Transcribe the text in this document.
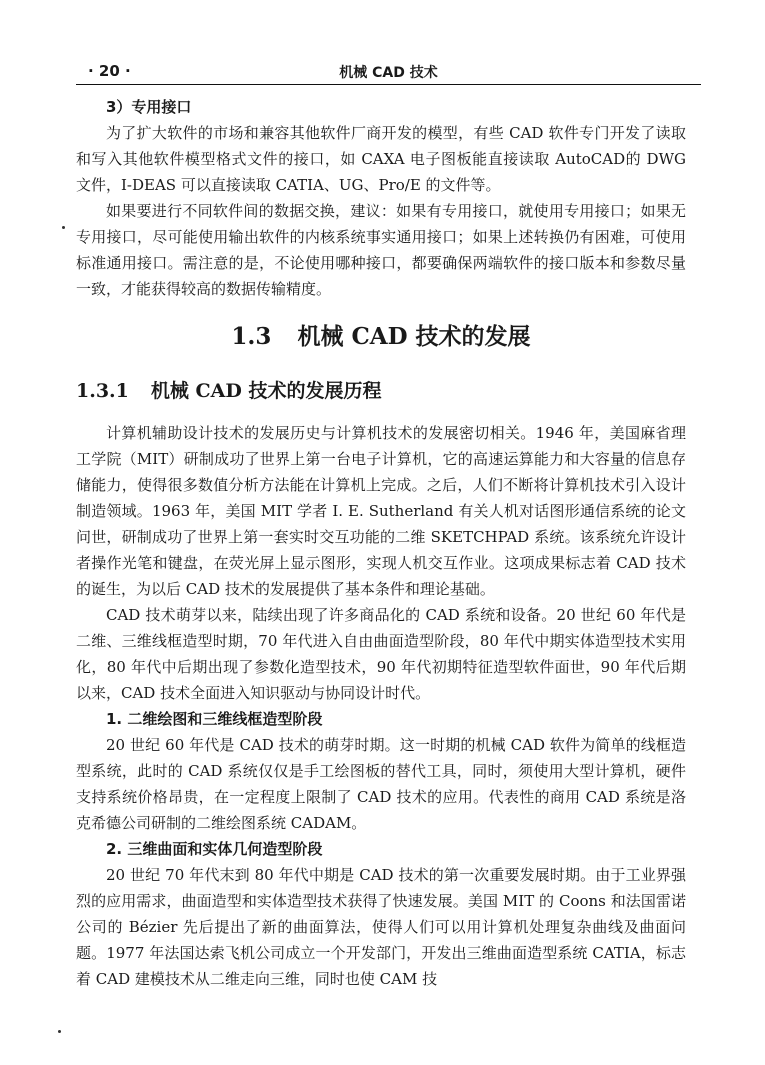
· 20 ·	机械 CAD 技术

3）专用接口

为了扩大软件的市场和兼容其他软件厂商开发的模型，有些 CAD 软件专门开发了读取和写入其他软件模型格式文件的接口，如 CAXA 电子图板能直接读取 AutoCAD的 DWG 文件，I-DEAS 可以直接读取 CATIA、UG、Pro/E 的文件等。

如果要进行不同软件间的数据交换，建议：如果有专用接口，就使用专用接口；如果无专用接口，尽可能使用输出软件的内核系统事实通用接口；如果上述转换仍有困难，可使用标准通用接口。需注意的是，不论使用哪种接口，都要确保两端软件的接口版本和参数尽量一致，才能获得较高的数据传输精度。

1.3 机械 CAD 技术的发展
1.3.1 机械 CAD 技术的发展历程

计算机辅助设计技术的发展历史与计算机技术的发展密切相关。1946 年，美国麻省理工学院（MIT）研制成功了世界上第一台电子计算机，它的高速运算能力和大容量的信息存储能力，使得很多数值分析方法能在计算机上完成。之后，人们不断将计算机技术引入设计制造领域。1963 年，美国 MIT 学者 I. E. Sutherland 有关人机对话图形通信系统的论文问世，研制成功了世界上第一套实时交互功能的二维 SKETCHPAD 系统。该系统允许设计者操作光笔和键盘，在荧光屏上显示图形，实现人机交互作业。这项成果标志着 CAD 技术的诞生，为以后 CAD 技术的发展提供了基本条件和理论基础。

CAD 技术萌芽以来，陆续出现了许多商品化的 CAD 系统和设备。20 世纪 60 年代是二维、三维线框造型时期，70 年代进入自由曲面造型阶段，80 年代中期实体造型技术实用化，80 年代中后期出现了参数化造型技术，90 年代初期特征造型软件面世，90 年代后期以来，CAD 技术全面进入知识驱动与协同设计时代。

1. 二维绘图和三维线框造型阶段

20 世纪 60 年代是 CAD 技术的萌芽时期。这一时期的机械 CAD 软件为简单的线框造型系统，此时的 CAD 系统仅仅是手工绘图板的替代工具，同时，须使用大型计算机，硬件支持系统价格昂贵，在一定程度上限制了 CAD 技术的应用。代表性的商用 CAD 系统是洛克希德公司研制的二维绘图系统 CADAM。

2. 三维曲面和实体几何造型阶段

20 世纪 70 年代末到 80 年代中期是 CAD 技术的第一次重要发展时期。由于工业界强烈的应用需求，曲面造型和实体造型技术获得了快速发展。美国 MIT 的 Coons 和法国雷诺公司的 Bézier 先后提出了新的曲面算法，使得人们可以用计算机处理复杂曲线及曲面问题。1977 年法国达索飞机公司成立一个开发部门，开发出三维曲面造型系统 CATIA，标志着 CAD 建模技术从二维走向三维，同时也使 CAM 技
